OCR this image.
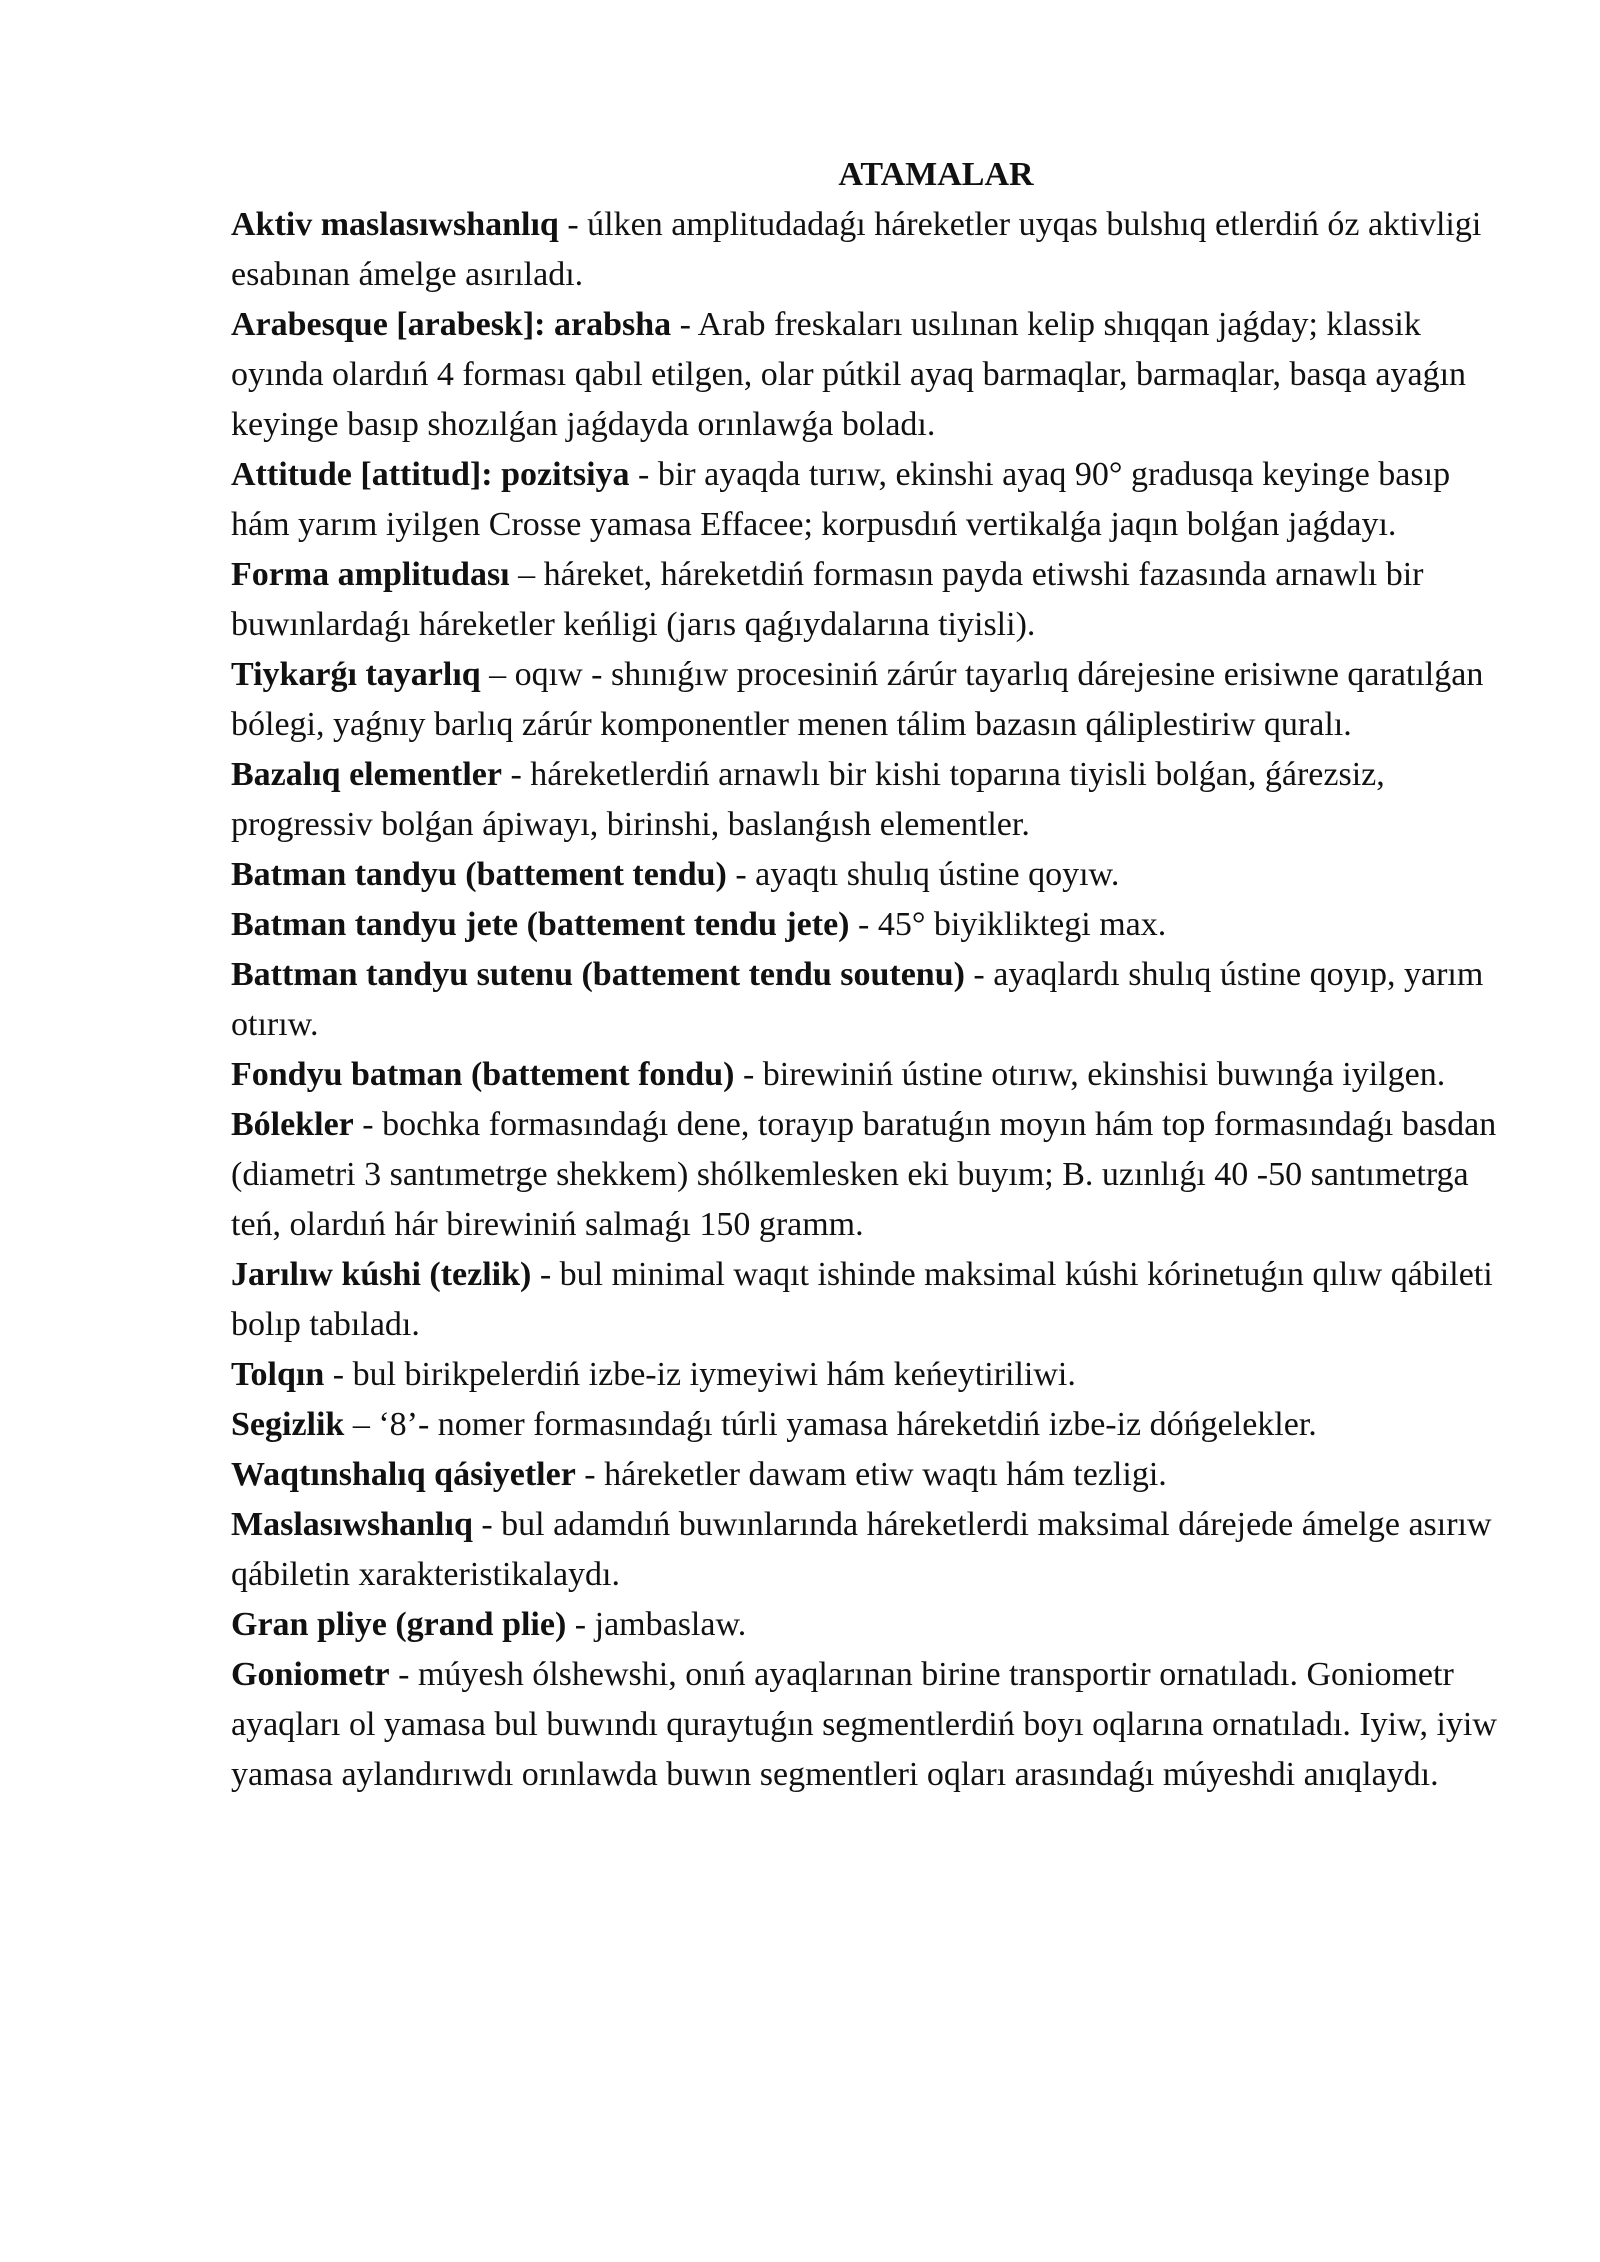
ATAMALAR

Aktiv maslasıwshanlıq - úlken amplitudadaǵı háreketler uyqas bulshıq etlerdiń óz aktivligi esabınan ámelge asırıladı.

Arabesque [arabesk]: arabsha - Arab freskaları usılınan kelip shıqqan jaǵday; klassik oyında olardıń 4 forması qabıl etilgen, olar pútkil ayaq barmaqlar, barmaqlar, basqa ayaǵın keyinge basıp shozılǵan jaǵdayda orınlawǵa boladı.

Attitude [attitud]: pozitsiya - bir ayaqda turıw, ekinshi ayaq 90° gradusqa keyinge basıp hám yarım iyilgen Crosse yamasa Effacee; korpusdıń vertikalǵa jaqın bolǵan jaǵdayı.

Forma amplitudası – háreket, háreketdiń formasın payda etiwshi fazasında arnawlı bir buwınlardaǵı háreketler keńligi (jarıs qaǵıydalarına tiyisli).

Tiykarǵı tayarlıq – oqıw - shınıǵıw procesiniń zárúr tayarlıq dárejesine erisiwne qaratılǵan bólegi, yaǵnıy barlıq zárúr komponentler menen tálim bazasın qáliplestiriw quralı.

Bazalıq elementler - háreketlerdiń arnawlı bir kishi toparına tiyisli bolǵan, ǵárezsiz, progressiv bolǵan ápiwayı, birinshi, baslanǵısh elementler.

Batman tandyu (battement tendu) - ayaqtı shulıq ústine qoyıw.

Batman tandyu jete (battement tendu jete) - 45° biyikliktegi max.

Battman tandyu sutenu (battement tendu soutenu) - ayaqlardı shulıq ústine qoyıp, yarım otırıw.

Fondyu batman (battement fondu) - birewiniń ústine otırıw, ekinshisi buwınǵa iyilgen.

Bólekler - bochka formasındaǵı dene, torayıp baratuǵın moyın hám top formasındaǵı basdan (diametri 3 santımetrge shekkem) shólkemlesken eki buyım; B. uzınlıǵı 40 -50 santımetrga teń, olardıń hár birewiniń salmaǵı 150 gramm.

Jarılıw kúshi (tezlik) - bul minimal waqıt ishinde maksimal kúshi kórinetuǵın qılıw qábileti bolıp tabıladı.

Tolqın - bul birikpelerdiń izbe-iz iymeyiwi hám keńeytiriliwi.

Segizlik – ‘8’- nomer formasındaǵı túrli yamasa háreketdiń izbe-iz dóńgelekler.

Waqtınshalıq qásiyetler - háreketler dawam etiw waqtı hám tezligi.

Maslasıwshanlıq - bul adamdıń buwınlarında háreketlerdi maksimal dárejede ámelge asırıw qábiletin xarakteristikalaydı.

Gran pliye (grand plie) - jambaslaw.

Goniometr - múyesh ólshewshi, onıń ayaqlarınan birine transportir ornatıladı. Goniometr ayaqları ol yamasa bul buwındı quraytuǵın segmentlerdiń boyı oqlarına ornatıladı. Iyiw, iyiw yamasa aylandırıwdı orınlawda buwın segmentleri oqları arasındaǵı múyeshdi anıqlaydı.
